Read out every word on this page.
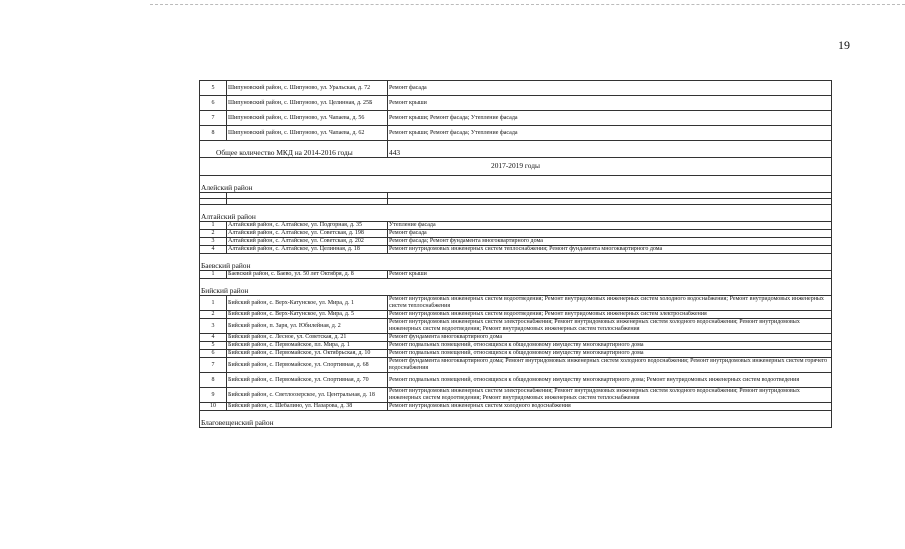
19
5	Шипуновский район, с. Шипуново, ул. Уральская, д. 72	Ремонт фасада
6	Шипуновский район, с. Шипуново, ул. Целинная, д. 25Б	Ремонт крыши
7	Шипуновский район, с. Шипуново, ул. Чапаева, д. 56	Ремонт крыши; Ремонт фасада; Утепление фасада
8	Шипуновский район, с. Шипуново, ул. Чапаева, д. 62	Ремонт крыши; Ремонт фасада; Утепление фасада
Общее количество МКД на 2014-2016 годы		443
2017-2019 годы		
Алейский район		

Алтайский район		
1	Алтайский район, с. Алтайское, ул. Подгорная, д. 35	Утепление фасада
2	Алтайский район, с. Алтайское, ул. Советская, д. 198	Ремонт фасада
3	Алтайский район, с. Алтайское, ул. Советская, д. 202	Ремонт фасада; Ремонт фундамента многоквартирного дома
4	Алтайский район, с. Алтайское, ул. Целинная, д. 18	Ремонт внутридомовых инженерных систем теплоснабжения; Ремонт фундамента многоквартирного дома
Баевский район		
1	Баевский район, с. Баево, ул. 50 лет Октября, д. 8	Ремонт крыши
Бийский район		
1	Бийский район, с. Верх-Катунское, ул. Мира, д. 1	Ремонт внутридомовых инженерных систем водоотведения; Ремонт внутридомовых инженерных систем холодного водоснабжения; Ремонт внутридомовых инженерных систем теплоснабжения
2	Бийский район, с. Верх-Катунское, ул. Мира, д. 5	Ремонт внутридомовых инженерных систем водоотведения; Ремонт внутридомовых инженерных систем электроснабжения
3	Бийский район, п. Заря, ул. Юбилейная, д. 2	Ремонт внутридомовых инженерных систем электроснабжения; Ремонт внутридомовых инженерных систем холодного водоснабжения; Ремонт внутридомовых инженерных систем водоотведения; Ремонт внутридомовых инженерных систем теплоснабжения
4	Бийский район, с. Лесное, ул. Советская, д. 21	Ремонт фундамента многоквартирного дома
5	Бийский район, с. Первомайское, пл. Мира, д. 1	Ремонт подвальных помещений, относящихся к общедомовому имуществу многоквартирного дома
6	Бийский район, с. Первомайское, ул. Октябрьская, д. 10	Ремонт подвальных помещений, относящихся к общедомовому имуществу многоквартирного дома
7	Бийский район, с. Первомайское, ул. Спортивная, д. 68	Ремонт фундамента многоквартирного дома; Ремонт внутридомовых инженерных систем холодного водоснабжения; Ремонт внутридомовых инженерных систем горячего водоснабжения
8	Бийский район, с. Первомайское, ул. Спортивная, д. 70	Ремонт подвальных помещений, относящихся к общедомовому имуществу многоквартирного дома; Ремонт внутридомовых инженерных систем водоотведения
9	Бийский район, с. Светлоозерское, ул. Центральная, д. 18	Ремонт внутридомовых инженерных систем электроснабжения; Ремонт внутридомовых инженерных систем холодного водоснабжения; Ремонт внутридомовых инженерных систем водоотведения; Ремонт внутридомовых инженерных систем теплоснабжения
10	Бийский район, с. Шебалино, ул. Назарова, д. 38	Ремонт внутридомовых инженерных систем холодного водоснабжения
Благовещенский район		
